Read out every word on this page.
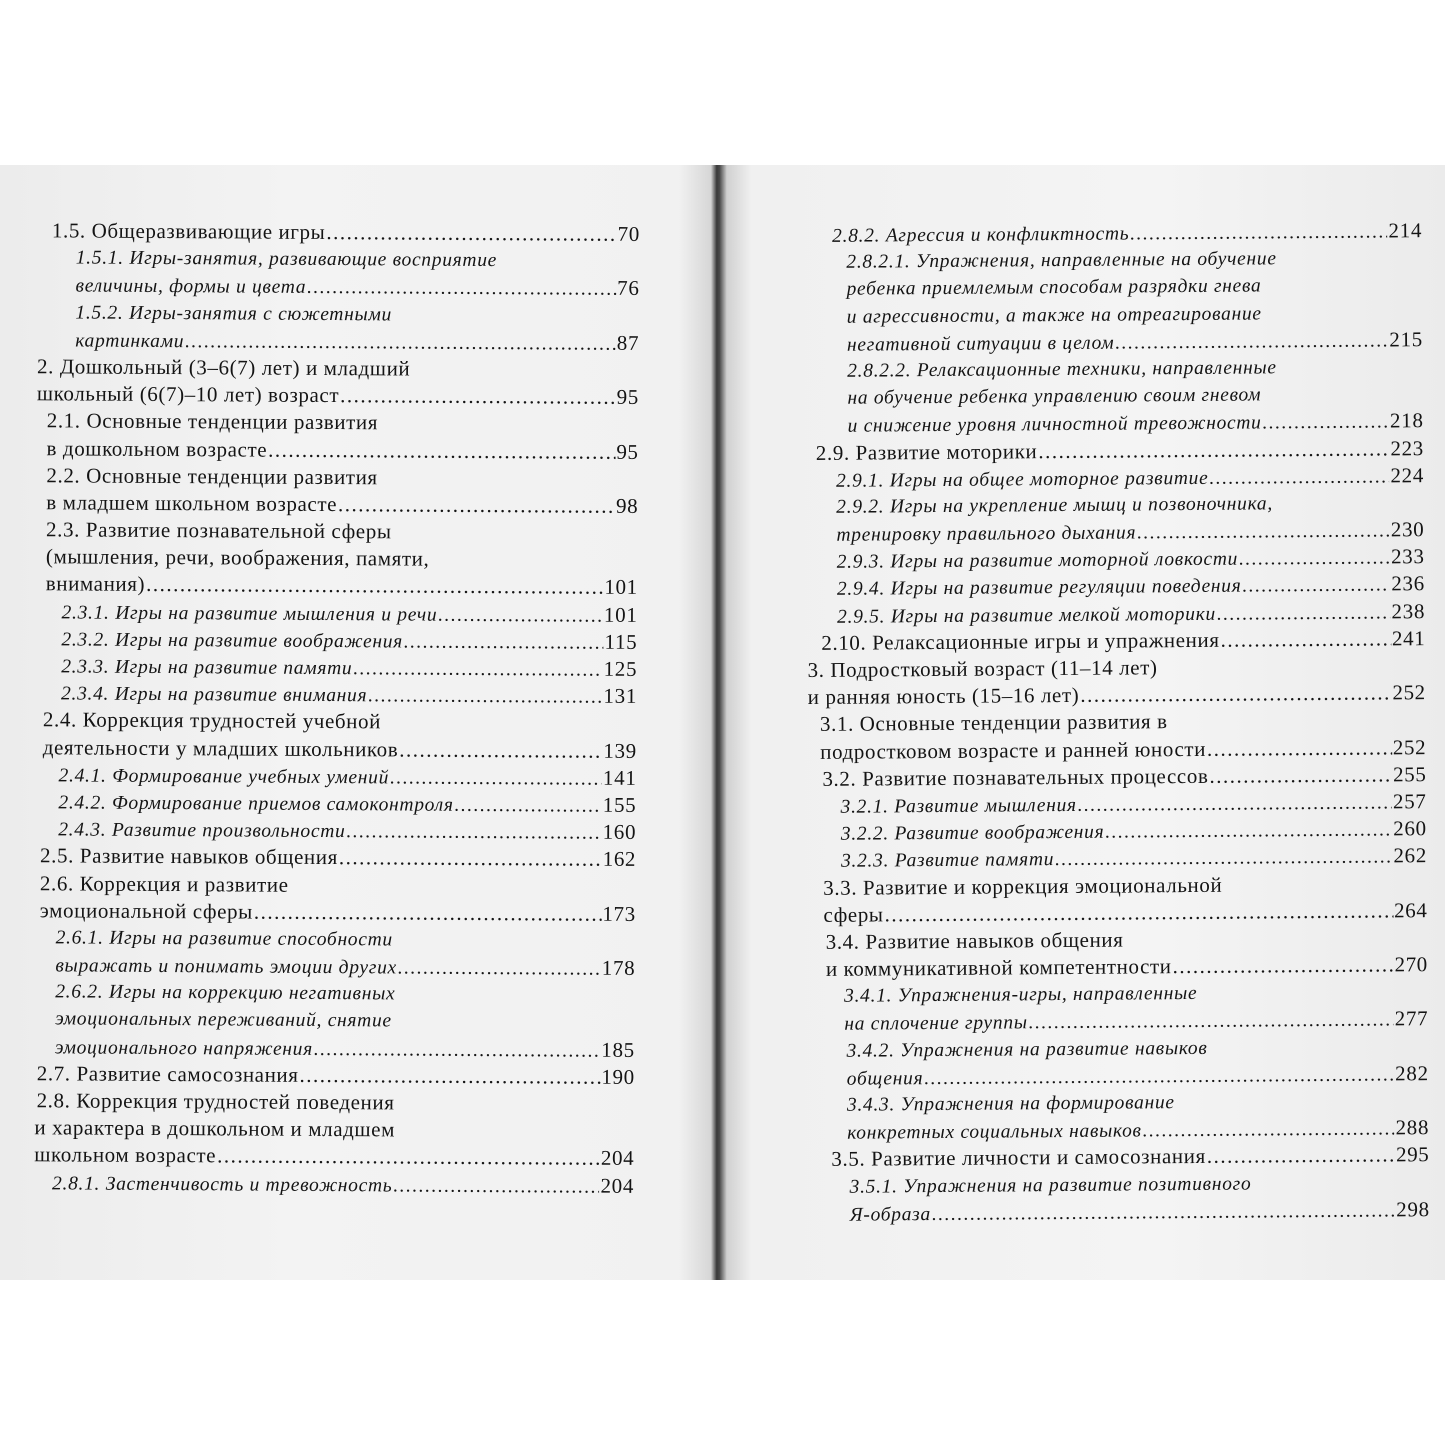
1.5. Общеразвивающие игры .....	70
1.5.1. Игры-занятия, развивающие восприятие
величины, формы и цвета .....	76
1.5.2. Игры-занятия с сюжетными
картинками .....	87
2. Дошкольный (3–6(7) лет) и младший
школьный (6(7)–10 лет) возраст .....	95
2.1. Основные тенденции развития
в дошкольном возрасте .....	95
2.2. Основные тенденции развития
в младшем школьном возрасте .....	98
2.3. Развитие познавательной сферы
(мышления, речи, воображения, памяти,
внимания) .....	101
2.3.1. Игры на развитие мышления и речи .....	101
2.3.2. Игры на развитие воображения .....	115
2.3.3. Игры на развитие памяти .....	125
2.3.4. Игры на развитие внимания .....	131
2.4. Коррекция трудностей учебной
деятельности у младших школьников .....	139
2.4.1. Формирование учебных умений .....	141
2.4.2. Формирование приемов самоконтроля .....	155
2.4.3. Развитие произвольности .....	160
2.5. Развитие навыков общения .....	162
2.6. Коррекция и развитие
эмоциональной сферы .....	173
2.6.1. Игры на развитие способности
выражать и понимать эмоции других .....	178
2.6.2. Игры на коррекцию негативных
эмоциональных переживаний, снятие
эмоционального напряжения .....	185
2.7. Развитие самосознания .....	190
2.8. Коррекция трудностей поведения
и характера в дошкольном и младшем
школьном возрасте .....	204
2.8.1. Застенчивость и тревожность .....	204
2.8.2. Агрессия и конфликтность .....	214
2.8.2.1. Упражнения, направленные на обучение
ребенка приемлемым способам разрядки гнева
и агрессивности, а также на отреагирование
негативной ситуации в целом .....	215
2.8.2.2. Релаксационные техники, направленные
на обучение ребенка управлению своим гневом
и снижение уровня личностной тревожности .....	218
2.9. Развитие моторики .....	223
2.9.1. Игры на общее моторное развитие .....	224
2.9.2. Игры на укрепление мышц и позвоночника,
тренировку правильного дыхания .....	230
2.9.3. Игры на развитие моторной ловкости .....	233
2.9.4. Игры на развитие регуляции поведения .....	236
2.9.5. Игры на развитие мелкой моторики .....	238
2.10. Релаксационные игры и упражнения .....	241
3. Подростковый возраст (11–14 лет)
и ранняя юность (15–16 лет) .....	252
3.1. Основные тенденции развития в
подростковом возрасте и ранней юности .....	252
3.2. Развитие познавательных процессов .....	255
3.2.1. Развитие мышления .....	257
3.2.2. Развитие воображения .....	260
3.2.3. Развитие памяти .....	262
3.3. Развитие и коррекция эмоциональной
сферы .....	264
3.4. Развитие навыков общения
и коммуникативной компетентности .....	270
3.4.1. Упражнения-игры, направленные
на сплочение группы .....	277
3.4.2. Упражнения на развитие навыков
общения .....	282
3.4.3. Упражнения на формирование
конкретных социальных навыков .....	288
3.5. Развитие личности и самосознания .....	295
3.5.1. Упражнения на развитие позитивного
Я-образа .....	298
